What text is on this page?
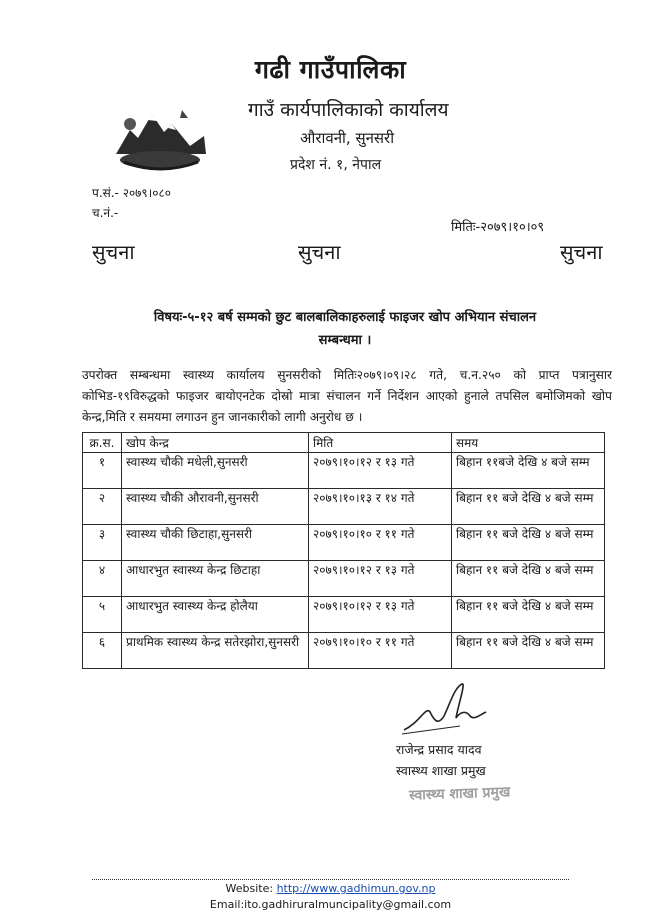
गढी गाउँपालिका
गाउँ कार्यपालिकाको कार्यालय
औरावनी, सुनसरी
प्रदेश नं. १, नेपाल
प.सं.- २०७९।०८०
च.नं.-
मितिः-२०७९।१०।०९
सुचना	सुचना	सुचना
विषयः-५-१२ बर्ष सम्मको छुट बालबालिकाहरुलाई फाइजर खोप अभियान संचालन
सम्बन्धमा ।
उपरोक्त सम्बन्धमा स्वास्थ्य कार्यालय सुनसरीको मितिः२०७९।०९।२८ गते, च.न.२५० को प्राप्त पत्रानुसार कोभिड-१९विरुद्धको फाइजर बायोएनटेक दोस्रो मात्रा संचालन गर्ने निर्देशन आएको हुनाले तपसिल बमोजिमको खोप केन्द्र,मिति र समयमा लगाउन हुन जानकारीको लागी अनुरोध छ ।
क्र.स.	खोप केन्द्र	मिति	समय
१	स्वास्थ्य चौकी मधेली,सुनसरी	२०७९।१०।१२ र १३ गते	बिहान ११बजे देखि ४ बजे सम्म
२	स्वास्थ्य चौकी औरावनी,सुनसरी	२०७९।१०।१३ र १४ गते	बिहान ११ बजे देखि ४ बजे सम्म
३	स्वास्थ्य चौकी छिटाहा,सुनसरी	२०७९।१०।१० र ११ गते	बिहान ११ बजे देखि ४ बजे सम्म
४	आधारभुत स्वास्थ्य केन्द्र छिटाहा	२०७९।१०।१२ र १३ गते	बिहान ११ बजे देखि ४ बजे सम्म
५	आधारभुत स्वास्थ्य केन्द्र होलैया	२०७९।१०।१२ र १३ गते	बिहान ११ बजे देखि ४ बजे सम्म
६	प्राथमिक स्वास्थ्य केन्द्र सतेरझोरा,सुनसरी	२०७९।१०।१० र ११ गते	बिहान ११ बजे देखि ४ बजे सम्म
राजेन्द्र प्रसाद यादव
स्वास्थ्य शाखा प्रमुख
स्वास्थ्य शाखा प्रमुख
Website: http://www.gadhimun.gov.np
Email:ito.gadhiruralmuncipality@gmail.com
